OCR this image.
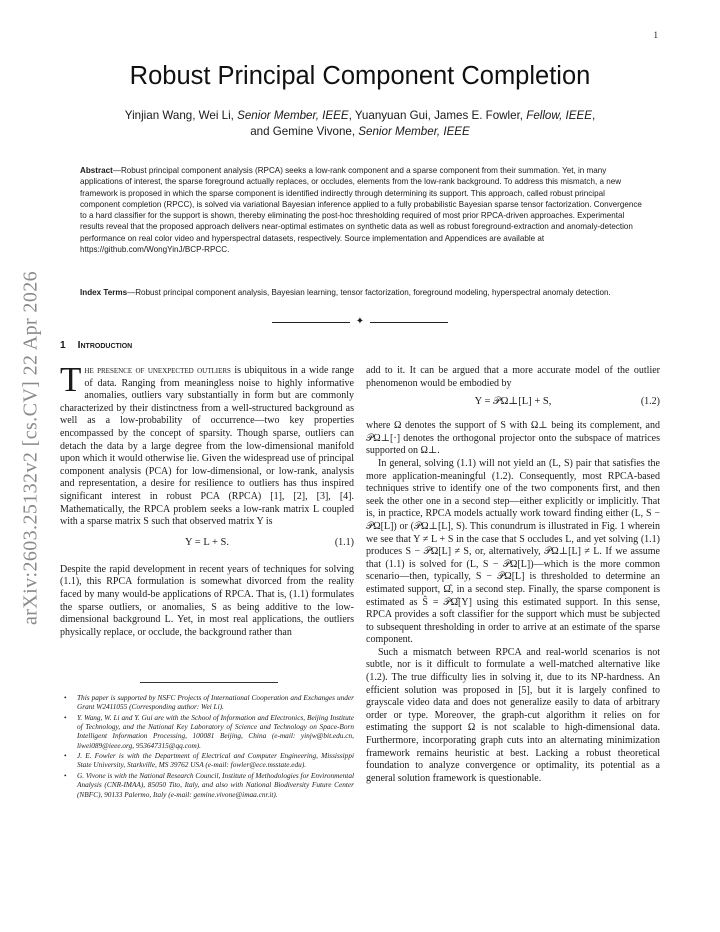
1
arXiv:2603.25132v2 [cs.CV] 22 Apr 2026
Robust Principal Component Completion
Yinjian Wang, Wei Li, Senior Member, IEEE, Yuanyuan Gui, James E. Fowler, Fellow, IEEE,
and Gemine Vivone, Senior Member, IEEE
Abstract—Robust principal component analysis (RPCA) seeks a low-rank component and a sparse component from their summation. Yet, in many applications of interest, the sparse foreground actually replaces, or occludes, elements from the low-rank background. To address this mismatch, a new framework is proposed in which the sparse component is identified indirectly through determining its support. This approach, called robust principal component completion (RPCC), is solved via variational Bayesian inference applied to a fully probabilistic Bayesian sparse tensor factorization. Convergence to a hard classifier for the support is shown, thereby eliminating the post-hoc thresholding required of most prior RPCA-driven approaches. Experimental results reveal that the proposed approach delivers near-optimal estimates on synthetic data as well as robust foreground-extraction and anomaly-detection performance on real color video and hyperspectral datasets, respectively. Source implementation and Appendices are available at https://github.com/WongYinJ/BCP-RPCC.
Index Terms—Robust principal component analysis, Bayesian learning, tensor factorization, foreground modeling, hyperspectral anomaly detection.
✦
1 Introduction

The presence of unexpected outliers is ubiquitous in a wide range of data. Ranging from meaningless noise to highly informative anomalies, outliers vary substantially in form but are commonly characterized by their distinctness from a well-structured background as well as a low-probability of occurrence—two key properties encompassed by the concept of sparsity. Though sparse, outliers can detach the data by a large degree from the low-dimensional manifold upon which it would otherwise lie. Given the widespread use of principal component analysis (PCA) for low-dimensional, or low-rank, analysis and representation, a desire for resilience to outliers has thus inspired significant interest in robust PCA (RPCA) [1], [2], [3], [4]. Mathematically, the RPCA problem seeks a low-rank matrix L coupled with a sparse matrix S such that observed matrix Y is

Y = L + S.	(1.1)

Despite the rapid development in recent years of techniques for solving (1.1), this RPCA formulation is somewhat divorced from the reality faced by many would-be applications of RPCA. That is, (1.1) formulates the sparse outliers, or anomalies, S as being additive to the low-dimensional background L. Yet, in most real applications, the outliers physically replace, or occlude, the background rather than

add to it. It can be argued that a more accurate model of the outlier phenomenon would be embodied by

Y = 𝒫Ω⊥[L] + S,	(1.2)

where Ω denotes the support of S with Ω⊥ being its complement, and 𝒫Ω⊥[·] denotes the orthogonal projector onto the subspace of matrices supported on Ω⊥.

In general, solving (1.1) will not yield an (L, S) pair that satisfies the more application-meaningful (1.2). Consequently, most RPCA-based techniques strive to identify one of the two components first, and then seek the other one in a second step—either explicitly or implicitly. That is, in practice, RPCA models actually work toward finding either (L, S − 𝒫Ω[L]) or (𝒫Ω⊥[L], S). This conundrum is illustrated in Fig. 1 wherein we see that Y ≠ L + S in the case that S occludes L, and yet solving (1.1) produces S − 𝒫Ω[L] ≠ S, or, alternatively, 𝒫Ω⊥[L] ≠ L. If we assume that (1.1) is solved for (L, S − 𝒫Ω[L])—which is the more common scenario—then, typically, S − 𝒫Ω[L] is thresholded to determine an estimated support, Ω̂, in a second step. Finally, the sparse component is estimated as Ŝ = 𝒫Ω̂[Y] using this estimated support. In this sense, RPCA provides a soft classifier for the support which must be subjected to subsequent thresholding in order to arrive at an estimate of the sparse component.

Such a mismatch between RPCA and real-world scenarios is not subtle, nor is it difficult to formulate a well-matched alternative like (1.2). The true difficulty lies in solving it, due to its NP-hardness. An efficient solution was proposed in [5], but it is largely confined to grayscale video data and does not generalize easily to data of arbitrary order or type. Moreover, the graph-cut algorithm it relies on for estimating the support Ω is not scalable to high-dimensional data. Furthermore, incorporating graph cuts into an alternating minimization framework remains heuristic at best. Lacking a robust theoretical foundation to analyze convergence or optimality, its potential as a general solution framework is questionable.

• This paper is supported by NSFC Projects of International Cooperation and Exchanges under Grant W2411055 (Corresponding author: Wei Li).
• Y. Wang, W. Li and Y. Gui are with the School of Information and Electronics, Beijing Institute of Technology, and the National Key Laboratory of Science and Technology on Space-Born Intelligent Information Processing, 100081 Beijing, China (e-mail: yinjw@bit.edu.cn, liwei089@ieee.org, 953647315@qq.com).
• J. E. Fowler is with the Department of Electrical and Computer Engineering, Mississippi State University, Starkville, MS 39762 USA (e-mail: fowler@ece.msstate.edu).
• G. Vivone is with the National Research Council, Institute of Methodologies for Environmental Analysis (CNR-IMAA), 85050 Tito, Italy, and also with National Biodiversity Future Center (NBFC), 90133 Palermo, Italy (e-mail: gemine.vivone@imaa.cnr.it).
